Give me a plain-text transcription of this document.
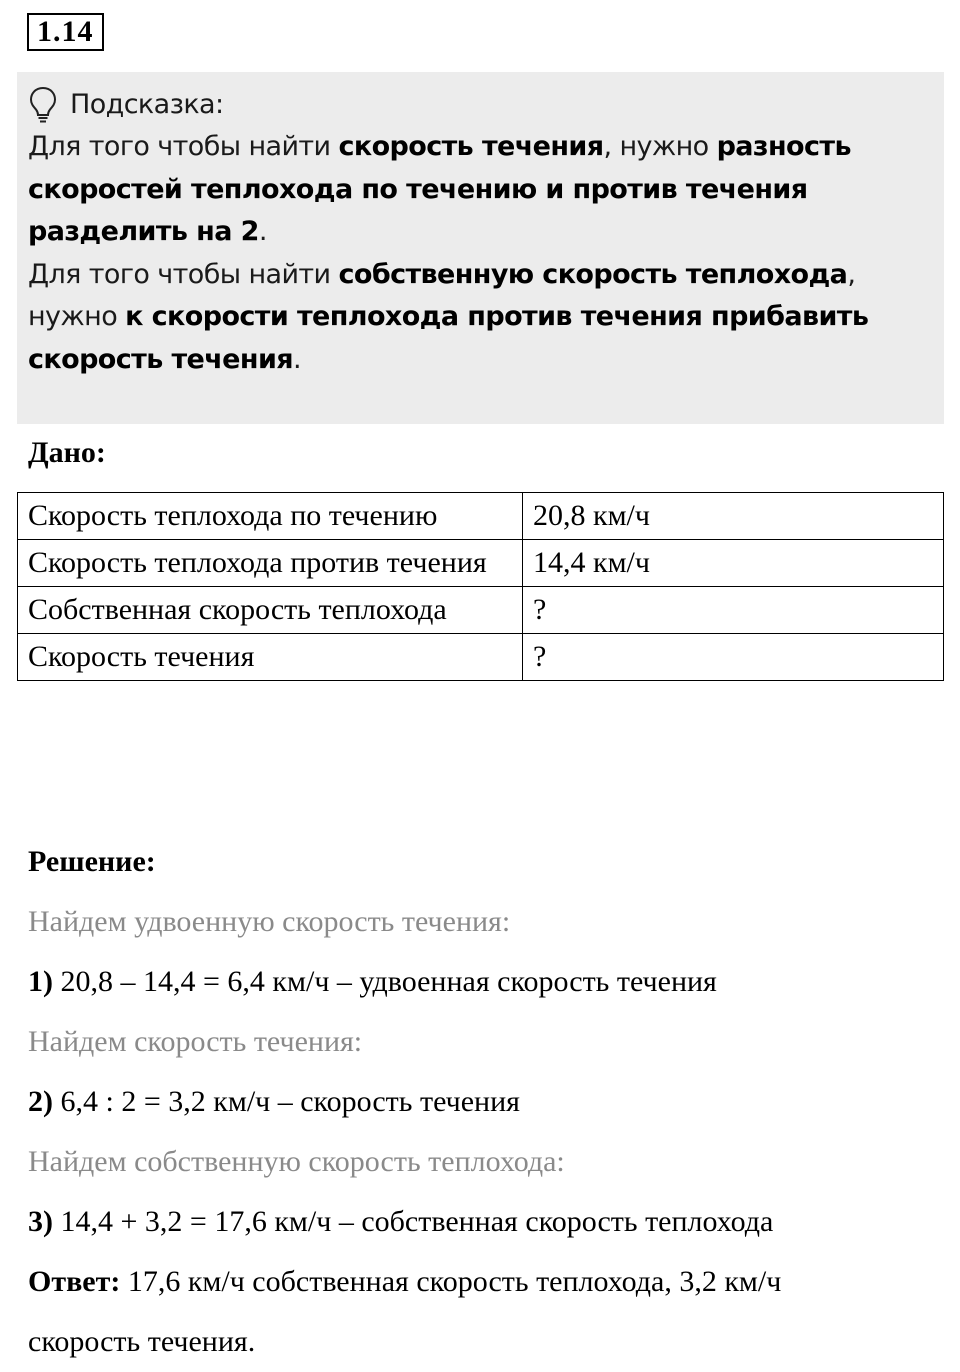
1.14
Подсказка:

Для того чтобы найти скорость течения, нужно разность скоростей теплохода по течению и против течения разделить на 2.

Для того чтобы найти собственную скорость теплохода, нужно к скорости теплохода против течения прибавить скорость течения.

Дано:
Скорость теплохода по течению	20,8 км/ч
Скорость теплохода против течения	14,4 км/ч
Собственная скорость теплохода	?
Скорость течения	?

Решение:

Найдем удвоенную скорость течения:

1) 20,8 – 14,4 = 6,4 км/ч – удвоенная скорость течения

Найдем скорость течения:

2) 6,4 : 2 = 3,2 км/ч – скорость течения

Найдем собственную скорость теплохода:

3) 14,4 + 3,2 = 17,6 км/ч – собственная скорость теплохода

Ответ: 17,6 км/ч собственная скорость теплохода, 3,2 км/ч

скорость течения.
